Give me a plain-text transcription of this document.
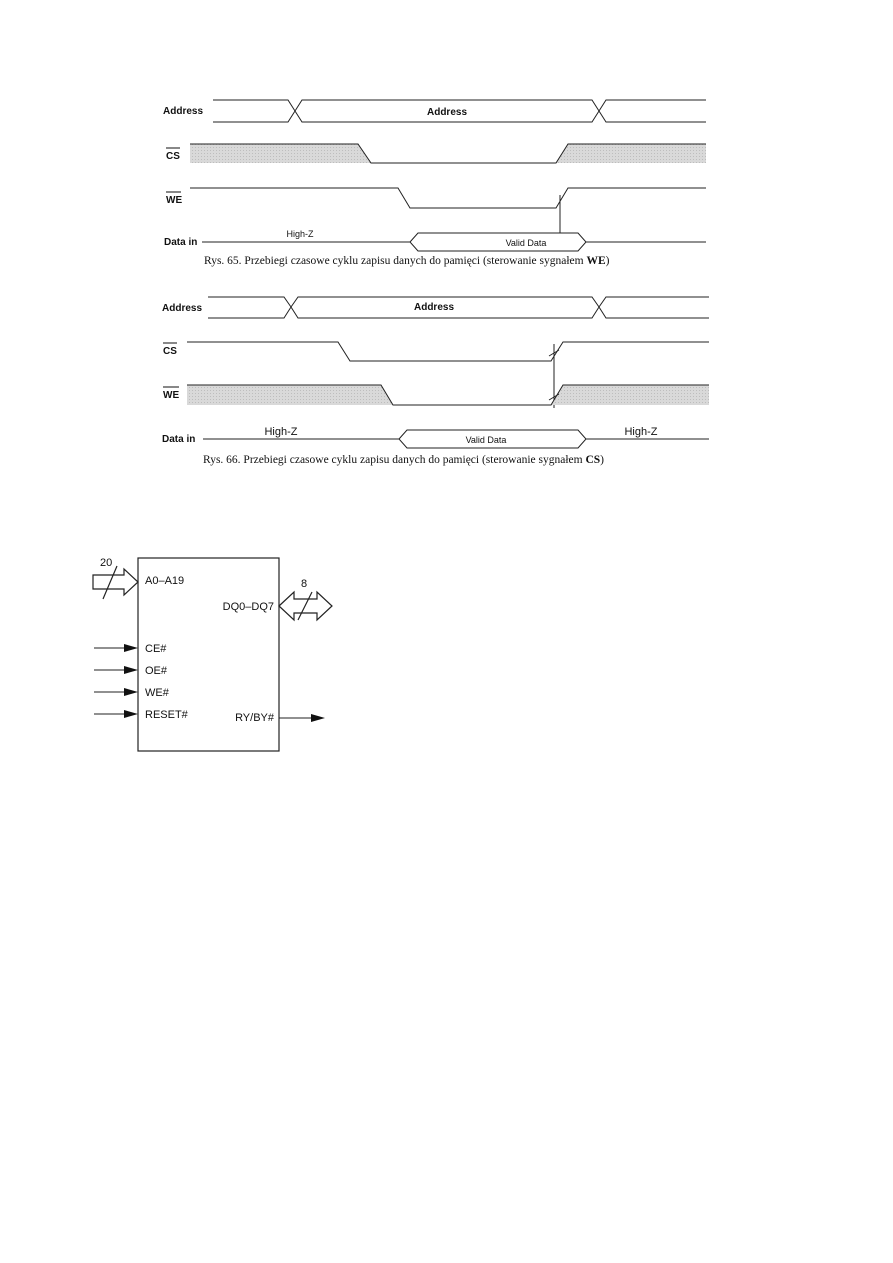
Address	Address
CS
WE
Data in
High-Z
Valid Data
Rys. 65. Przebiegi czasowe cyklu zapisu danych do pamięci (sterowanie sygnałem WE)
Address	Address
CS
WE
Data in
High-Z	High-Z
Valid Data
Rys. 66. Przebiegi czasowe cyklu zapisu danych do pamięci (sterowanie sygnałem CS)
20
A0–A19	8
DQ0–DQ7
CE#
OE#
WE#
RESET#	RY/BY#
